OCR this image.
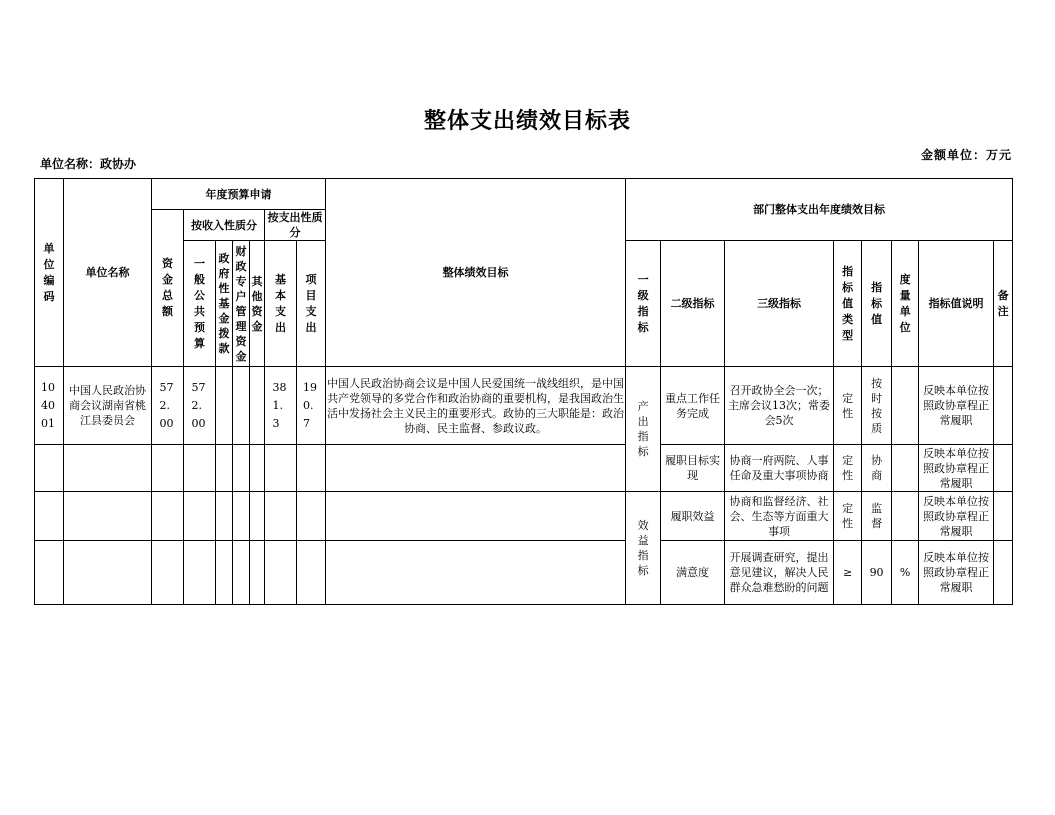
整体支出绩效目标表
单位名称：政协办
金额单位：万元
单位编码	单位名称	年度预算申请							整体绩效目标	部门整体支出年度绩效目标							
		资金总额	按收入性质分				按支出性质分										
			一般公共预算	政府性基金拨款	财政专户管理资金	其他资金	基本支出	项目支出		一级指标	二级指标	三级指标	指标值类型	指标值	度量单位	指标值说明	备注
10 40 01	中国人民政治协商会议湖南省桃江县委员会	57 2. 00	57 2. 00				38 1. 3	19 0. 7	中国人民政治协商会议是中国人民爱国统一战线组织，是中国共产党领导的多党合作和政治协商的重要机构，是我国政治生活中发扬社会主义民主的重要形式。政协的三大职能是：政治协商、民主监督、参政议政。	产出指标	重点工作任务完成	召开政协全会一次；主席会议13次；常委会5次	定性	按时按质		反映本单位按照政协章程正常履职	
											履职目标实现	协商一府两院、人事任命及重大事项协商	定性	协商		反映本单位按照政协章程正常履职	
										效益指标	履职效益	协商和监督经济、社会、生态等方面重大事项	定性	监督		反映本单位按照政协章程正常履职	
											满意度	开展调查研究，提出意见建议，解决人民群众急难愁盼的问题	≥	90	%	反映本单位按照政协章程正常履职	
